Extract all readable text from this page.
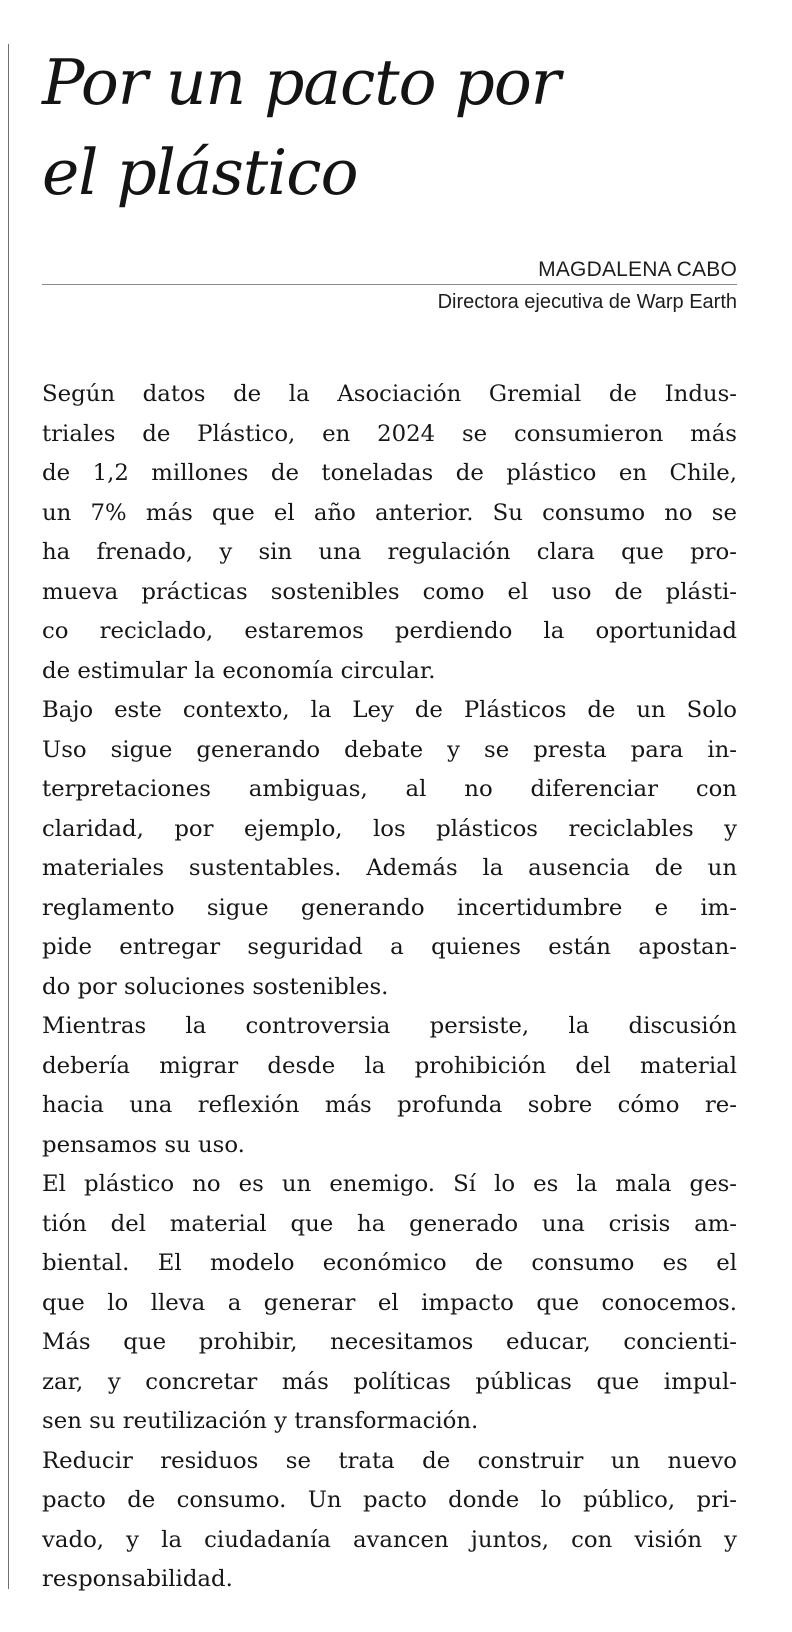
Por un pacto por
el plástico
MAGDALENA CABO
Directora ejecutiva de Warp Earth
Según datos de la Asociación Gremial de Indus-
triales de Plástico, en 2024 se consumieron más
de 1,2 millones de toneladas de plástico en Chile,
un 7% más que el año anterior. Su consumo no se
ha frenado, y sin una regulación clara que pro-
mueva prácticas sostenibles como el uso de plásti-
co reciclado, estaremos perdiendo la oportunidad
de estimular la economía circular.
Bajo este contexto, la Ley de Plásticos de un Solo
Uso sigue generando debate y se presta para in-
terpretaciones ambiguas, al no diferenciar con
claridad, por ejemplo, los plásticos reciclables y
materiales sustentables. Además la ausencia de un
reglamento sigue generando incertidumbre e im-
pide entregar seguridad a quienes están apostan-
do por soluciones sostenibles.
Mientras la controversia persiste, la discusión
debería migrar desde la prohibición del material
hacia una reflexión más profunda sobre cómo re-
pensamos su uso.
El plástico no es un enemigo. Sí lo es la mala ges-
tión del material que ha generado una crisis am-
biental. El modelo económico de consumo es el
que lo lleva a generar el impacto que conocemos.
Más que prohibir, necesitamos educar, concienti-
zar, y concretar más políticas públicas que impul-
sen su reutilización y transformación.
Reducir residuos se trata de construir un nuevo
pacto de consumo. Un pacto donde lo público, pri-
vado, y la ciudadanía avancen juntos, con visión y
responsabilidad.
